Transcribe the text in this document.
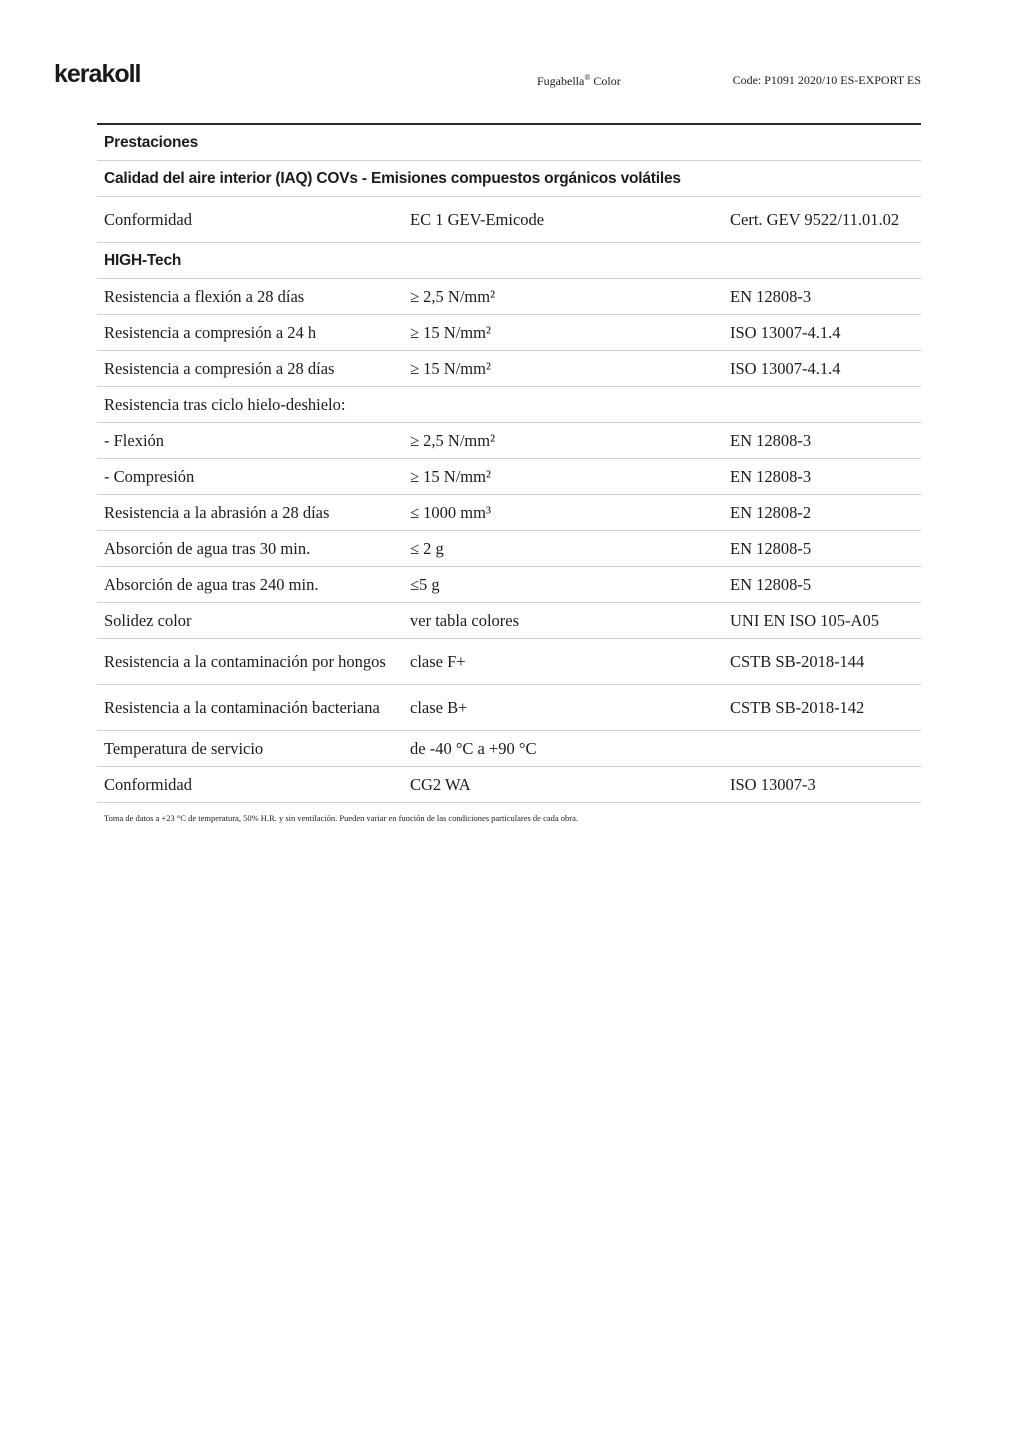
kerakoll	Fugabella® Color	Code: P1091 2020/10 ES-EXPORT ES
Prestaciones
Calidad del aire interior (IAQ) COVs - Emisiones compuestos orgánicos volátiles
Conformidad	EC 1 GEV-Emicode	Cert. GEV 9522/11.01.02
HIGH-Tech
Resistencia a flexión a 28 días	≥ 2,5 N/mm²	EN 12808-3
Resistencia a compresión a 24 h	≥ 15 N/mm²	ISO 13007-4.1.4
Resistencia a compresión a 28 días	≥ 15 N/mm²	ISO 13007-4.1.4
Resistencia tras ciclo hielo-deshielo:
- Flexión	≥ 2,5 N/mm²	EN 12808-3
- Compresión	≥ 15 N/mm²	EN 12808-3
Resistencia a la abrasión a 28 días	≤ 1000 mm³	EN 12808-2
Absorción de agua tras 30 min.	≤ 2 g	EN 12808-5
Absorción de agua tras 240 min.	≤5 g	EN 12808-5
Solidez color	ver tabla colores	UNI EN ISO 105-A05
Resistencia a la contaminación por hongos	clase F+	CSTB SB-2018-144
Resistencia a la contaminación bacteriana	clase B+	CSTB SB-2018-142
Temperatura de servicio	de -40 °C a +90 °C
Conformidad	CG2 WA	ISO 13007-3
Toma de datos a +23 °C de temperatura, 50% H.R. y sin ventilación. Pueden variar en función de las condiciones particulares de cada obra.
